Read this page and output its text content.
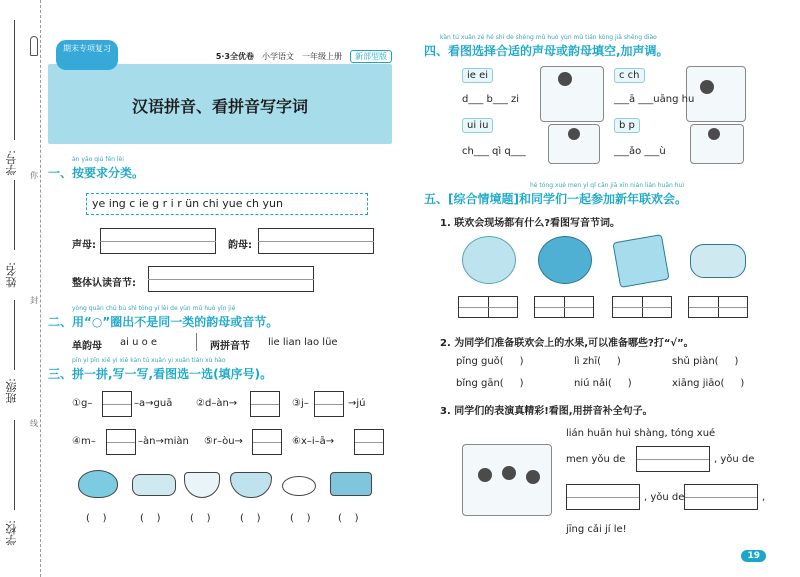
学号:
姓名:
班级:
学校:
你
封
线
5·3全优卷 小学语文 一年级上册	新部型版
汉语拼音、看拼音写字词
期末专项复习
àn yāo qiú fēn lèi
一、按要求分类。
ye ing c ie g r i r ün chi yue ch yun
声母:	韵母:
整体认读音节:
yòng quān chū bù shì tóng yī lèi de yùn mǔ huò yīn jié
二、用“○”圈出不是同一类的韵母或音节。
单韵母 ai u o e	两拼音节 lie lian lao lüe
pīn yi pīn xiě yi xiě kàn tú xuǎn yi xuǎn tián xù hào
三、拼一拼,写一写,看图选一选(填序号)。
①g–	–a→guā ②d–àn→	③j–	→jú
④m–	–àn→miàn ⑤r–òu→	⑥x–i–ā→
( )	( )	( )	( )	( )	( )
kàn tú xuǎn zé hé shì de shēng mǔ huò yùn mǔ tián kòng jiā shēng diào
四、看图选择合适的声母或韵母填空,加声调。
ie ei	c ch
d___ b___ zi	___ā ___uāng hu
ui iu	b p
ch___ qì q___	___ǎo ___ù
hé tóng xué men yì qǐ cān jiā xīn nián lián huān huì
五、[综合情境题]和同学们一起参加新年联欢会。
1. 联欢会现场都有什么?看图写音节词。
2. 为同学们准备联欢会上的水果,可以准备哪些?打“√”。
pǐng guǒ( )	lì zhī( )	shǔ piàn( )
bǐng gān( )	niú nǎi( )	xiāng jiāo( )
3. 同学们的表演真精彩!看图,用拼音补全句子。
lián huān huì shàng, tóng xué
men yǒu de	, yǒu de
, yǒu de	,
jīng cǎi jí le!
19
